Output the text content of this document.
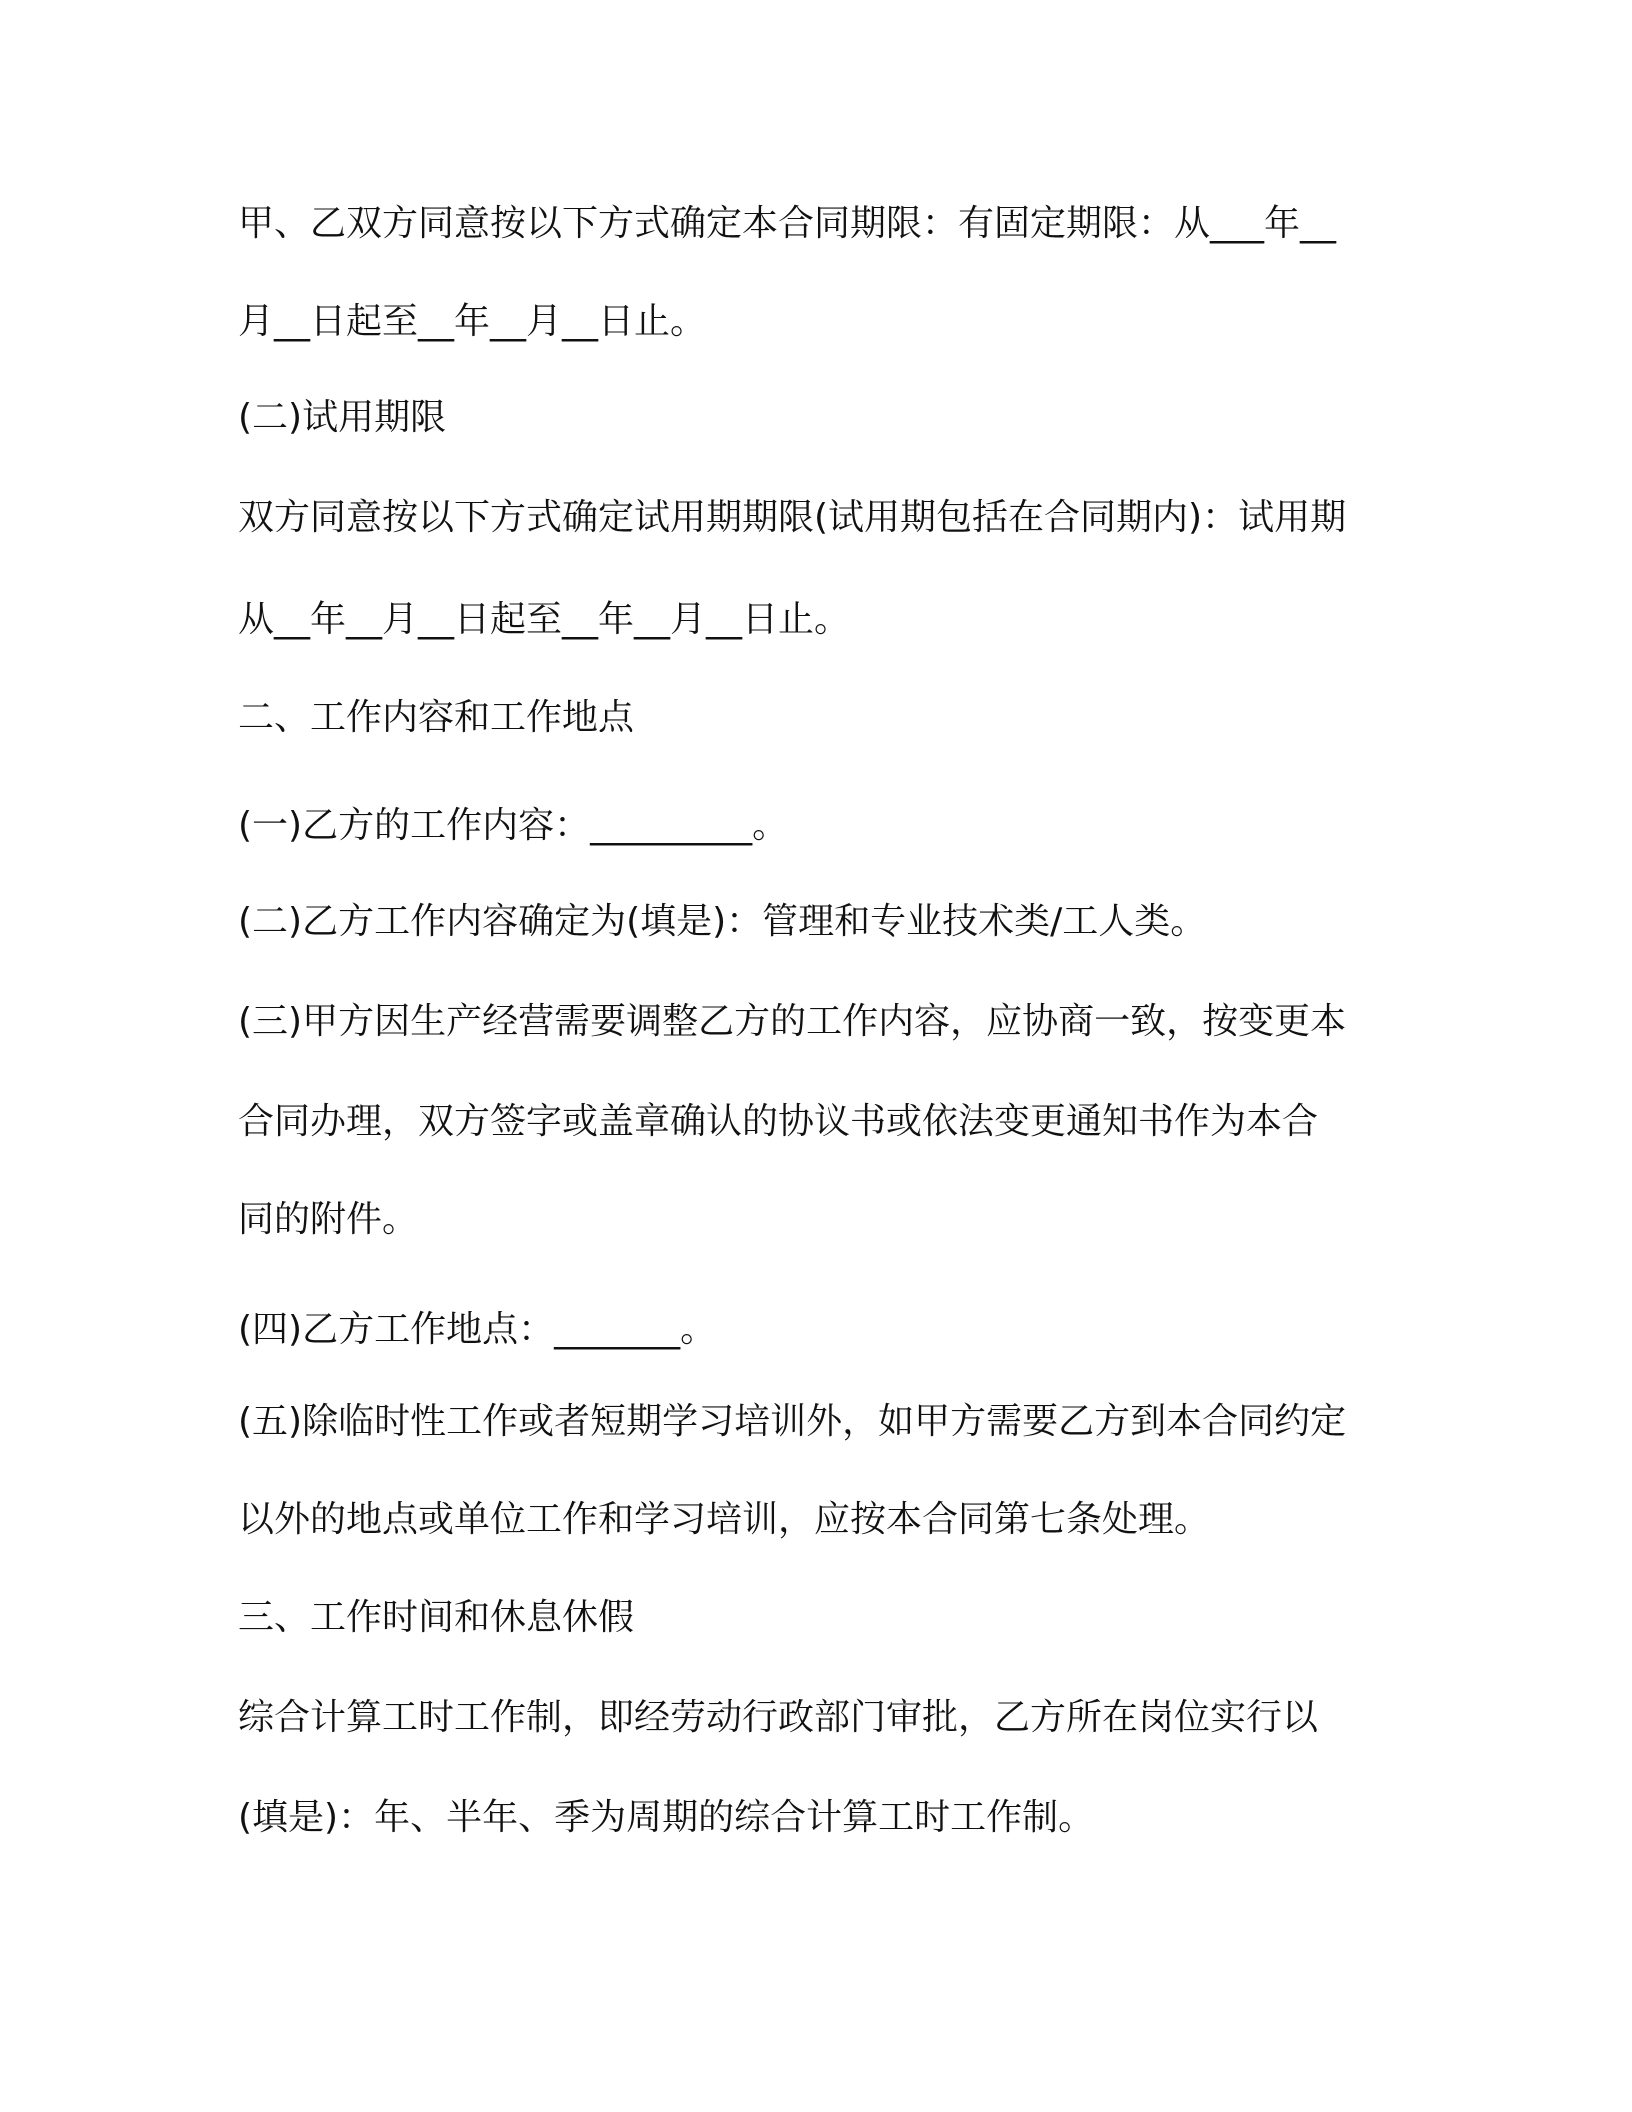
甲、乙双方同意按以下方式确定本合同期限：有固定期限：从___年__
月__日起至__年__月__日止。
(二)试用期限
双方同意按以下方式确定试用期期限(试用期包括在合同期内)：试用期
从__年__月__日起至__年__月__日止。
二、工作内容和工作地点
(一)乙方的工作内容：_________。
(二)乙方工作内容确定为(填是)：管理和专业技术类/工人类。
(三)甲方因生产经营需要调整乙方的工作内容，应协商一致，按变更本
合同办理，双方签字或盖章确认的协议书或依法变更通知书作为本合
同的附件。
(四)乙方工作地点：_______。
(五)除临时性工作或者短期学习培训外，如甲方需要乙方到本合同约定
以外的地点或单位工作和学习培训，应按本合同第七条处理。
三、工作时间和休息休假
综合计算工时工作制，即经劳动行政部门审批，乙方所在岗位实行以
(填是)：年、半年、季为周期的综合计算工时工作制。
